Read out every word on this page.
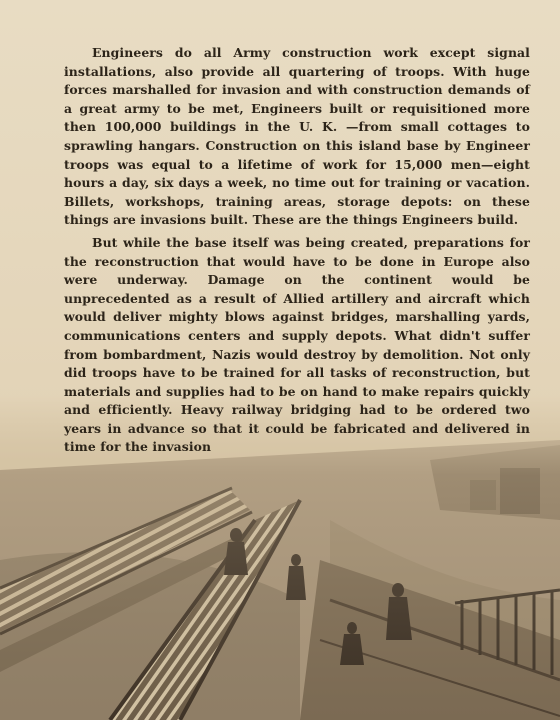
Engineers do all Army construction work except signal installations, also provide all quartering of troops. With huge forces marshalled for invasion and with construction demands of a great army to be met, Engineers built or requisitioned more then 100,000 buildings in the U. K. —from small cottages to sprawling hangars. Construction on this island base by Engineer troops was equal to a lifetime of work for 15,000 men—eight hours a day, six days a week, no time out for training or vacation. Billets, workshops, training areas, storage depots: on these things are invasions built. These are the things Engineers build.

But while the base itself was being created, preparations for the reconstruction that would have to be done in Europe also were underway. Damage on the continent would be unprecedented as a result of Allied artillery and aircraft which would deliver mighty blows against bridges, marshalling yards, communications centers and supply depots. What didn't suffer from bombardment, Nazis would destroy by demolition. Not only did troops have to be trained for all tasks of reconstruction, but materials and supplies had to be on hand to make repairs quickly and efficiently. Heavy railway bridging had to be ordered two years in advance so that it could be fabricated and delivered in time for the invasion
